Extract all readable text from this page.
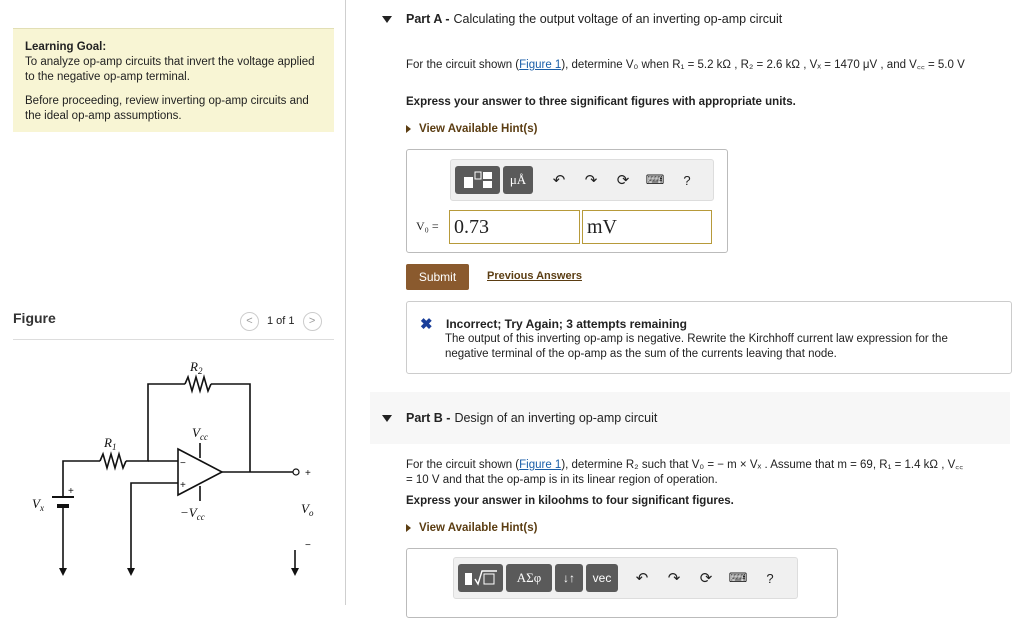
Learning Goal:

To analyze op-amp circuits that invert the voltage applied to the negative op-amp terminal.

Before proceeding, review inverting op-amp circuits and the ideal op-amp assumptions.

Figure	<	1 of 1	>
$R_2$
$R_1$
$V_{cc}$
$-V_{cc}$
$V_x$	$V_o$
−
+
+
−
+
Part A - Calculating the output voltage of an inverting op-amp circuit
For the circuit shown (Figure 1), determine V₀ when R₁ = 5.2 kΩ , R₂ = 2.6 kΩ , Vₓ = 1470 μV , and V꜀꜀ = 5.0 V
Express your answer to three significant figures with appropriate units.
View Available Hint(s)
μÅ	↶	↷	⟳	⌨	?
V₀ = 0.73	mV
Submit	Previous Answers
✖ Incorrect; Try Again; 3 attempts remaining
The output of this inverting op-amp is negative. Rewrite the Kirchhoff current law expression for the negative terminal of the op-amp as the sum of the currents leaving that node.
Part B - Design of an inverting op-amp circuit
For the circuit shown (Figure 1), determine R₂ such that V₀ = − m × Vₓ . Assume that m = 69, R₁ = 1.4 kΩ , V꜀꜀
= 10 V and that the op-amp is in its linear region of operation.
Express your answer in kiloohms to four significant figures.
View Available Hint(s)
ΑΣφ	↓↑	vec	↶	↷	⟳	⌨	?
